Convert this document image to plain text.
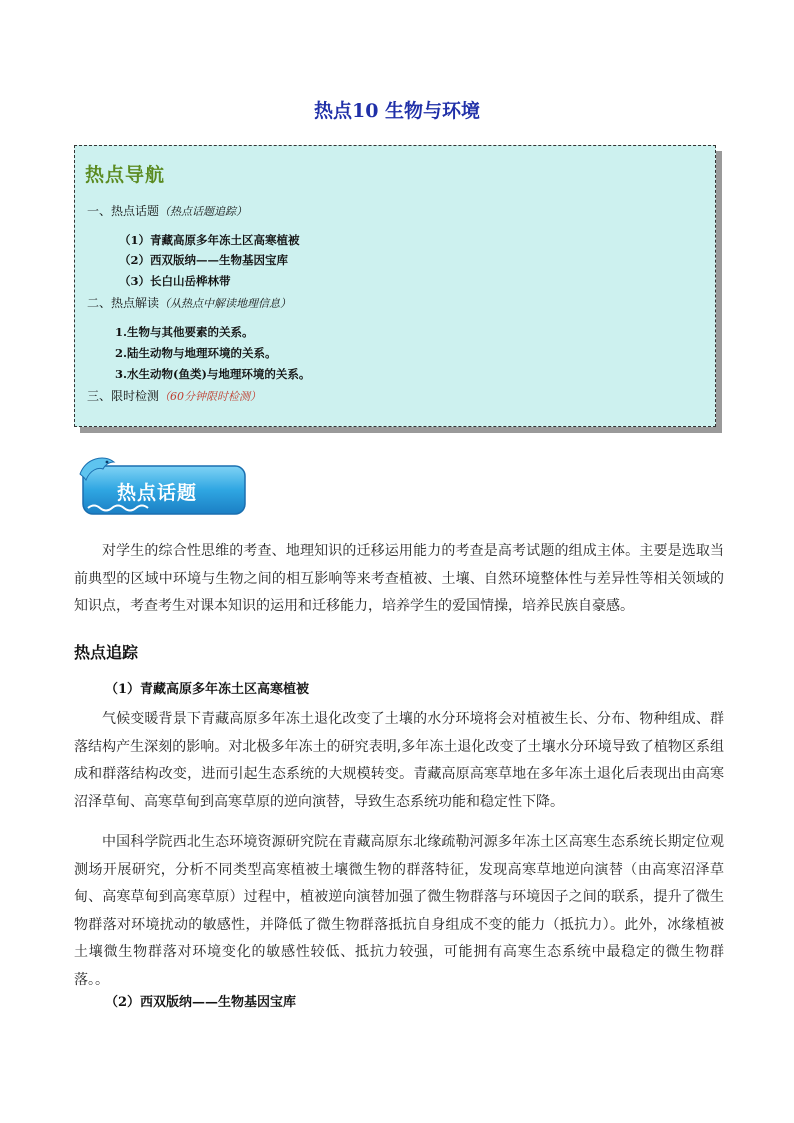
热点10 生物与环境
热点导航
一、热点话题（热点话题追踪）
（1）青藏高原多年冻土区高寒植被
（2）西双版纳——生物基因宝库
（3）长白山岳桦林带
二、热点解读（从热点中解读地理信息）
1.生物与其他要素的关系。
2.陆生动物与地理环境的关系。
3.水生动物(鱼类)与地理环境的关系。
三、限时检测（60分钟限时检测）
热点话题

对学生的综合性思维的考查、地理知识的迁移运用能力的考查是高考试题的组成主体。主要是选取当前典型的区域中环境与生物之间的相互影响等来考查植被、土壤、自然环境整体性与差异性等相关领域的知识点，考查考生对课本知识的运用和迁移能力，培养学生的爱国情操，培养民族自豪感。

热点追踪
（1）青藏高原多年冻土区高寒植被

气候变暖背景下青藏高原多年冻土退化改变了土壤的水分环境将会对植被生长、分布、物种组成、群落结构产生深刻的影响。对北极多年冻土的研究表明,多年冻土退化改变了土壤水分环境导致了植物区系组成和群落结构改变，进而引起生态系统的大规模转变。青藏高原高寒草地在多年冻土退化后表现出由高寒沼泽草甸、高寒草甸到高寒草原的逆向演替，导致生态系统功能和稳定性下降。

中国科学院西北生态环境资源研究院在青藏高原东北缘疏勒河源多年冻土区高寒生态系统长期定位观测场开展研究，分析不同类型高寒植被土壤微生物的群落特征，发现高寒草地逆向演替（由高寒沼泽草甸、高寒草甸到高寒草原）过程中，植被逆向演替加强了微生物群落与环境因子之间的联系，提升了微生物群落对环境扰动的敏感性，并降低了微生物群落抵抗自身组成不变的能力（抵抗力）。此外，冰缘植被土壤微生物群落对环境变化的敏感性较低、抵抗力较强，可能拥有高寒生态系统中最稳定的微生物群落。。

（2）西双版纳——生物基因宝库
